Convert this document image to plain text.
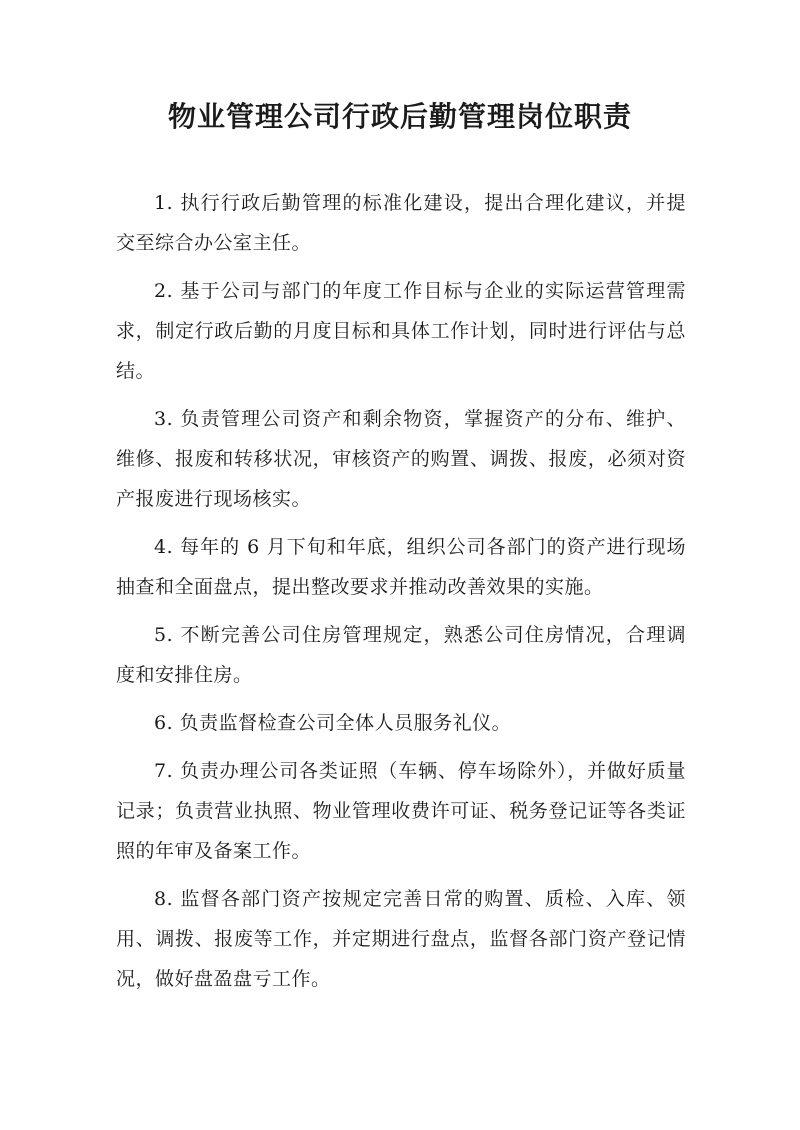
物业管理公司行政后勤管理岗位职责

1. 执行行政后勤管理的标准化建设，提出合理化建议，并提交至综合办公室主任。

2. 基于公司与部门的年度工作目标与企业的实际运营管理需求，制定行政后勤的月度目标和具体工作计划，同时进行评估与总结。

3. 负责管理公司资产和剩余物资，掌握资产的分布、维护、维修、报废和转移状况，审核资产的购置、调拨、报废，必须对资产报废进行现场核实。

4. 每年的 6 月下旬和年底，组织公司各部门的资产进行现场抽查和全面盘点，提出整改要求并推动改善效果的实施。

5. 不断完善公司住房管理规定，熟悉公司住房情况，合理调度和安排住房。

6. 负责监督检查公司全体人员服务礼仪。

7. 负责办理公司各类证照（车辆、停车场除外），并做好质量记录；负责营业执照、物业管理收费许可证、税务登记证等各类证照的年审及备案工作。

8. 监督各部门资产按规定完善日常的购置、质检、入库、领用、调拨、报废等工作，并定期进行盘点，监督各部门资产登记情况，做好盘盈盘亏工作。
